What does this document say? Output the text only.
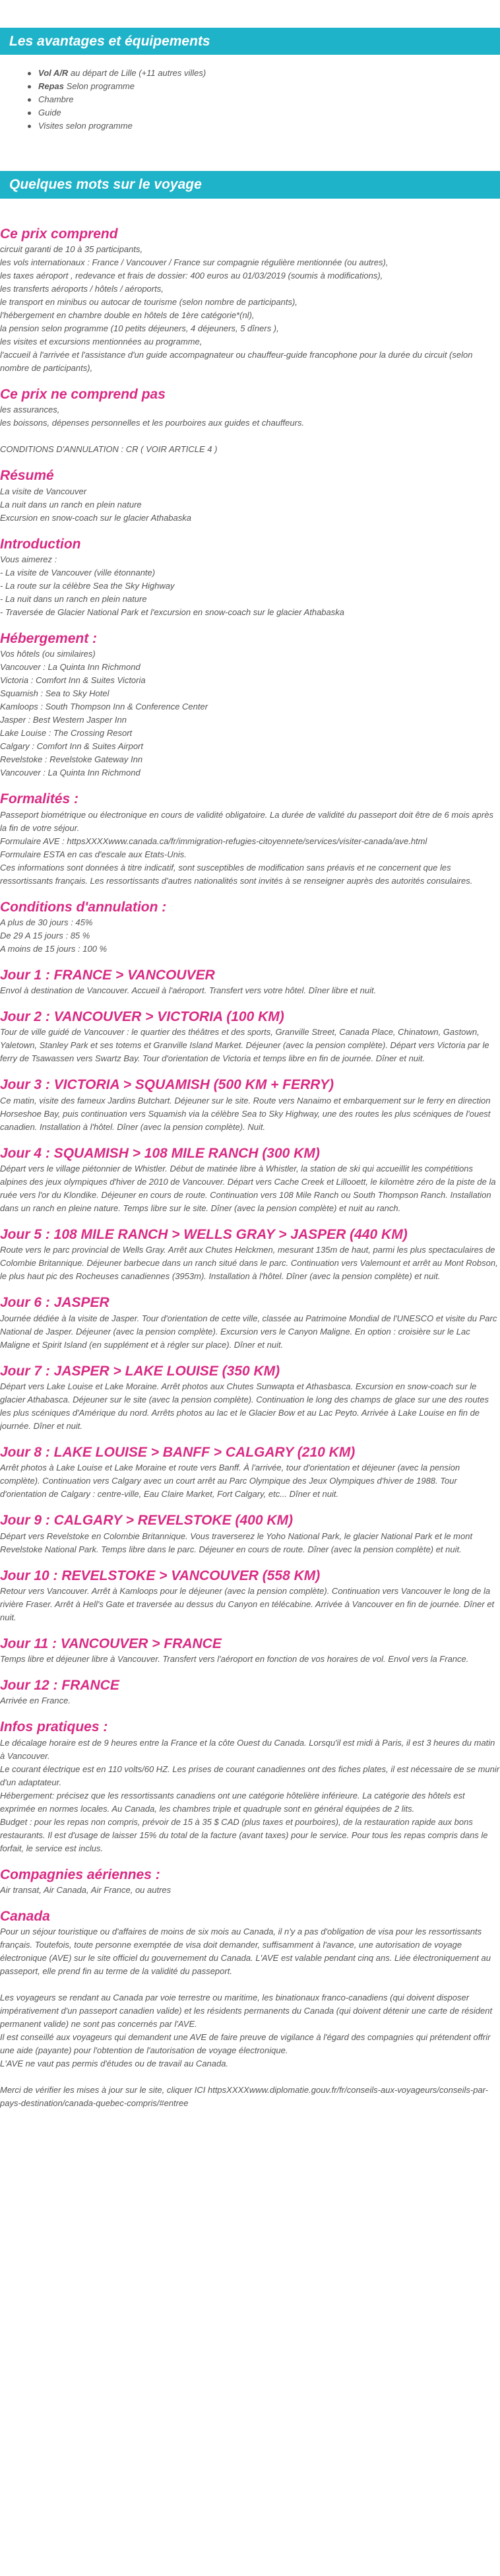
Les avantages et équipements
Vol A/R au départ de Lille (+11 autres villes)
Repas Selon programme
Chambre
Guide
Visites selon programme
Quelques mots sur le voyage
Ce prix comprend

circuit garanti de 10 à 35 participants,

les vols internationaux : France / Vancouver / France sur compagnie régulière mentionnée (ou autres),

les taxes aéroport , redevance et frais de dossier: 400 euros au 01/03/2019 (soumis à modifications),

les transferts aéroports / hôtels / aéroports,

le transport en minibus ou autocar de tourisme (selon nombre de participants),

l'hébergement en chambre double en hôtels de 1ère catégorie*(nl),

la pension selon programme (10 petits déjeuners, 4 déjeuners, 5 dîners ),

les visites et excursions mentionnées au programme,

l'accueil à l'arrivée et l'assistance d'un guide accompagnateur ou chauffeur-guide francophone pour la durée du circuit (selon nombre de participants),

Ce prix ne comprend pas

les assurances,

les boissons, dépenses personnelles et les pourboires aux guides et chauffeurs.

CONDITIONS D'ANNULATION : CR ( VOIR ARTICLE 4 )

Résumé

La visite de Vancouver

La nuit dans un ranch en plein nature

Excursion en snow-coach sur le glacier Athabaska

Introduction

Vous aimerez :

- La visite de Vancouver (ville étonnante)

- La route sur la célèbre Sea the Sky Highway

- La nuit dans un ranch en plein nature

- Traversée de Glacier National Park et l'excursion en snow-coach sur le glacier Athabaska

Hébergement :

Vos hôtels (ou similaires)

Vancouver : La Quinta Inn Richmond

Victoria : Comfort Inn & Suites Victoria

Squamish : Sea to Sky Hotel

Kamloops : South Thompson Inn & Conference Center

Jasper : Best Western Jasper Inn

Lake Louise : The Crossing Resort

Calgary : Comfort Inn & Suites Airport

Revelstoke : Revelstoke Gateway Inn

Vancouver : La Quinta Inn Richmond

Formalités :

Passeport biométrique ou électronique en cours de validité obligatoire. La durée de validité du passeport doit être de 6 mois après la fin de votre séjour.

Formulaire AVE : httpsXXXXwww.canada.ca/fr/immigration-refugies-citoyennete/services/visiter-canada/ave.html

Formulaire ESTA en cas d'escale aux Etats-Unis.

Ces informations sont données à titre indicatif, sont susceptibles de modification sans préavis et ne concernent que les ressortissants français. Les ressortissants d'autres nationalités sont invités à se renseigner auprès des autorités consulaires.

Conditions d'annulation :

A plus de 30 jours : 45%

De 29 A 15 jours : 85 %

A moins de 15 jours : 100 %

Jour 1 : FRANCE > VANCOUVER

Envol à destination de Vancouver. Accueil à l'aéroport. Transfert vers votre hôtel. Dîner libre et nuit.

Jour 2 : VANCOUVER > VICTORIA (100 KM)

Tour de ville guidé de Vancouver : le quartier des théâtres et des sports, Granville Street, Canada Place, Chinatown, Gastown, Yaletown, Stanley Park et ses totems et Granville Island Market. Déjeuner (avec la pension complète). Départ vers Victoria par le ferry de Tsawassen vers Swartz Bay. Tour d'orientation de Victoria et temps libre en fin de journée. Dîner et nuit.

Jour 3 : VICTORIA > SQUAMISH (500 KM + FERRY)

Ce matin, visite des fameux Jardins Butchart. Déjeuner sur le site. Route vers Nanaimo et embarquement sur le ferry en direction Horseshoe Bay, puis continuation vers Squamish via la célèbre Sea to Sky Highway, une des routes les plus scéniques de l'ouest canadien. Installation à l'hôtel. Dîner (avec la pension complète). Nuit.

Jour 4 : SQUAMISH > 108 MILE RANCH (300 KM)

Départ vers le village piétonnier de Whistler. Début de matinée libre à Whistler, la station de ski qui accueillit les compétitions alpines des jeux olympiques d'hiver de 2010 de Vancouver. Départ vers Cache Creek et Lillooett, le kilomètre zéro de la piste de la ruée vers l'or du Klondike. Déjeuner en cours de route. Continuation vers 108 Mile Ranch ou South Thompson Ranch. Installation dans un ranch en pleine nature. Temps libre sur le site. Dîner (avec la pension complète) et nuit au ranch.

Jour 5 : 108 MILE RANCH > WELLS GRAY > JASPER (440 KM)

Route vers le parc provincial de Wells Gray. Arrêt aux Chutes Helckmen, mesurant 135m de haut, parmi les plus spectaculaires de Colombie Britannique. Déjeuner barbecue dans un ranch situé dans le parc. Continuation vers Valemount et arrêt au Mont Robson, le plus haut pic des Rocheuses canadiennes (3953m). Installation à l'hôtel. Dîner (avec la pension complète) et nuit.

Jour 6 : JASPER

Journée dédiée à la visite de Jasper. Tour d'orientation de cette ville, classée au Patrimoine Mondial de l'UNESCO et visite du Parc National de Jasper. Déjeuner (avec la pension complète). Excursion vers le Canyon Maligne. En option : croisière sur le Lac Maligne et Spirit Island (en supplément et à régler sur place). Dîner et nuit.

Jour 7 : JASPER > LAKE LOUISE (350 KM)

Départ vers Lake Louise et Lake Moraine. Arrêt photos aux Chutes Sunwapta et Athasbasca. Excursion en snow-coach sur le glacier Athabasca. Déjeuner sur le site (avec la pension complète). Continuation le long des champs de glace sur une des routes les plus scéniques d'Amérique du nord. Arrêts photos au lac et le Glacier Bow et au Lac Peyto. Arrivée à Lake Louise en fin de journée. Dîner et nuit.

Jour 8 : LAKE LOUISE > BANFF > CALGARY (210 KM)

Arrêt photos à Lake Louise et Lake Moraine et route vers Banff. À l'arrivée, tour d'orientation et déjeuner (avec la pension complète). Continuation vers Calgary avec un court arrêt au Parc Olympique des Jeux Olympiques d'hiver de 1988. Tour d'orientation de Calgary : centre-ville, Eau Claire Market, Fort Calgary, etc... Dîner et nuit.

Jour 9 : CALGARY > REVELSTOKE (400 KM)

Départ vers Revelstoke en Colombie Britannique. Vous traverserez le Yoho National Park, le glacier National Park et le mont Revelstoke National Park. Temps libre dans le parc. Déjeuner en cours de route. Dîner (avec la pension complète) et nuit.

Jour 10 : REVELSTOKE > VANCOUVER (558 KM)

Retour vers Vancouver. Arrêt à Kamloops pour le déjeuner (avec la pension complète). Continuation vers Vancouver le long de la rivière Fraser. Arrêt à Hell's Gate et traversée au dessus du Canyon en télécabine. Arrivée à Vancouver en fin de journée. Dîner et nuit.

Jour 11 : VANCOUVER > FRANCE

Temps libre et déjeuner libre à Vancouver. Transfert vers l'aéroport en fonction de vos horaires de vol. Envol vers la France.

Jour 12 : FRANCE

Arrivée en France.

Infos pratiques :

Le décalage horaire est de 9 heures entre la France et la côte Ouest du Canada. Lorsqu'il est midi à Paris, il est 3 heures du matin à Vancouver.

Le courant électrique est en 110 volts/60 HZ. Les prises de courant canadiennes ont des fiches plates, il est nécessaire de se munir d'un adaptateur.

Hébergement: précisez que les ressortissants canadiens ont une catégorie hôtelière inférieure. La catégorie des hôtels est exprimée en normes locales. Au Canada, les chambres triple et quadruple sont en général équipées de 2 lits.

Budget : pour les repas non compris, prévoir de 15 à 35 $ CAD (plus taxes et pourboires), de la restauration rapide aux bons restaurants. Il est d'usage de laisser 15% du total de la facture (avant taxes) pour le service. Pour tous les repas compris dans le forfait, le service est inclus.

Compagnies aériennes :

Air transat, Air Canada, Air France, ou autres

Canada

Pour un séjour touristique ou d'affaires de moins de six mois au Canada, il n'y a pas d'obligation de visa pour les ressortissants français. Toutefois, toute personne exemptée de visa doit demander, suffisamment à l'avance, une autorisation de voyage électronique (AVE) sur le site officiel du gouvernement du Canada. L'AVE est valable pendant cinq ans. Liée électroniquement au passeport, elle prend fin au terme de la validité du passeport.

Les voyageurs se rendant au Canada par voie terrestre ou maritime, les binationaux franco-canadiens (qui doivent disposer impérativement d'un passeport canadien valide) et les résidents permanents du Canada (qui doivent détenir une carte de résident permanent valide) ne sont pas concernés par l'AVE.

Il est conseillé aux voyageurs qui demandent une AVE de faire preuve de vigilance à l'égard des compagnies qui prétendent offrir une aide (payante) pour l'obtention de l'autorisation de voyage électronique.

L'AVE ne vaut pas permis d'études ou de travail au Canada.

Merci de vérifier les mises à jour sur le site, cliquer ICI httpsXXXXwww.diplomatie.gouv.fr/fr/conseils-aux-voyageurs/conseils-par-pays-destination/canada-quebec-compris/#entree
